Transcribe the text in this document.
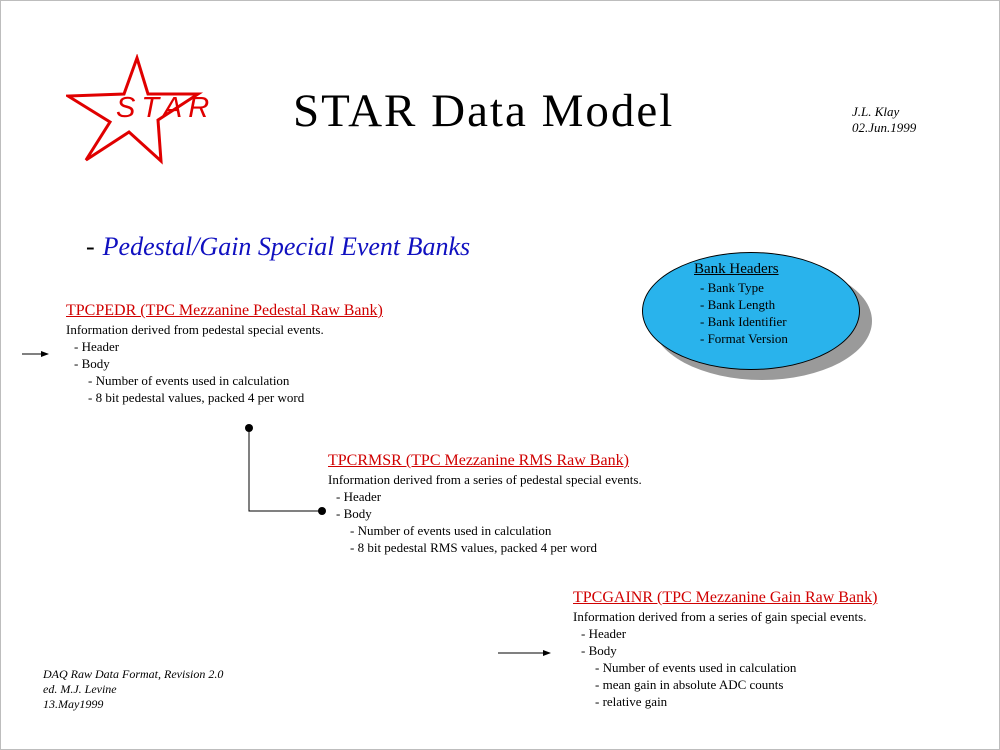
STAR STAR Data Model	J.L. Klay
02.Jun.1999
- Pedestal/Gain Special Event Banks
Bank Headers
- Bank Type
- Bank Length
- Bank Identifier
- Format Version
TPCPEDR (TPC Mezzanine Pedestal Raw Bank)
Information derived from pedestal special events.
- Header
- Body
- Number of events used in calculation
- 8 bit pedestal values, packed 4 per word
TPCRMSR (TPC Mezzanine RMS Raw Bank)
Information derived from a series of pedestal special events.
- Header
- Body
- Number of events used in calculation
- 8 bit pedestal RMS values, packed 4 per word
TPCGAINR (TPC Mezzanine Gain Raw Bank)
Information derived from a series of gain special events.
- Header
- Body
- Number of events used in calculation
- mean gain in absolute ADC counts
- relative gain
DAQ Raw Data Format, Revision 2.0
ed. M.J. Levine
13.May1999
